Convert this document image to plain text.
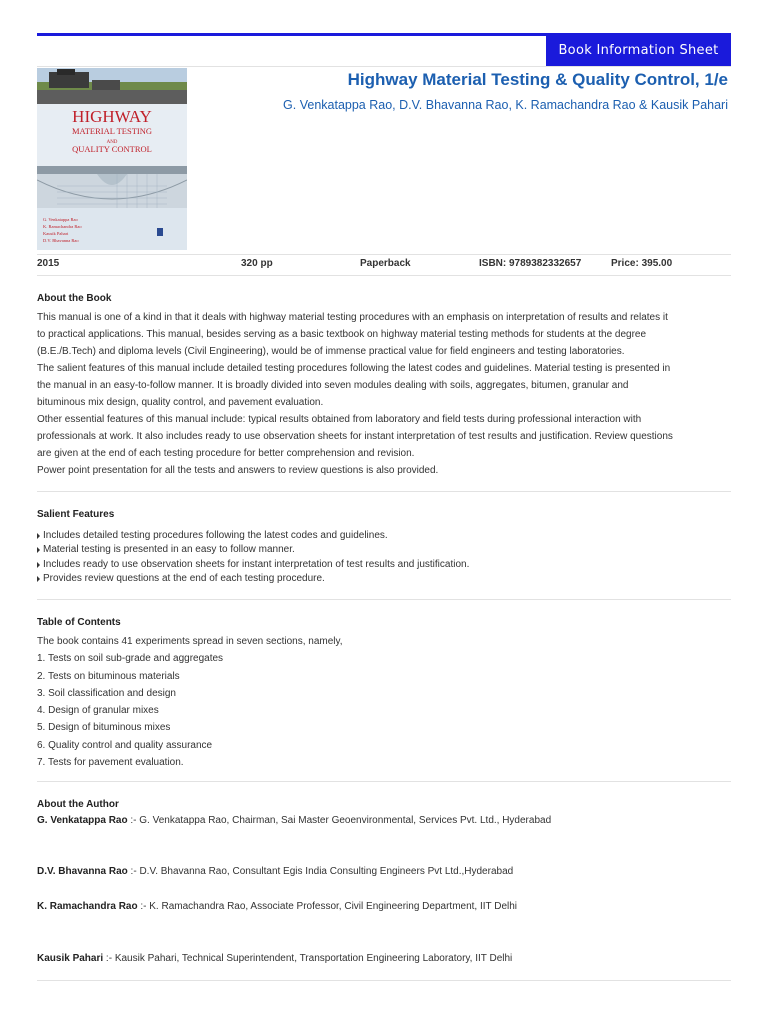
Book Information Sheet
HIGHWAY
MATERIAL TESTING
AND
QUALITY CONTROL
G. Venkatappa Rao
K. Ramachandra Rao
Kausik Pahari
D.V. Bhavanna Rao
Highway Material Testing & Quality Control, 1/e
G. Venkatappa Rao, D.V. Bhavanna Rao, K. Ramachandra Rao & Kausik Pahari
2015	320 pp	Paperback	ISBN: 9789382332657	Price: 395.00
About the Book

This manual is one of a kind in that it deals with highway material testing procedures with an emphasis on interpretation of results and relates it

to practical applications. This manual, besides serving as a basic textbook on highway material testing methods for students at the degree

(B.E./B.Tech) and diploma levels (Civil Engineering), would be of immense practical value for field engineers and testing laboratories.

The salient features of this manual include detailed testing procedures following the latest codes and guidelines. Material testing is presented in

the manual in an easy-to-follow manner. It is broadly divided into seven modules dealing with soils, aggregates, bitumen, granular and

bituminous mix design, quality control, and pavement evaluation.

Other essential features of this manual include: typical results obtained from laboratory and field tests during professional interaction with

professionals at work. It also includes ready to use observation sheets for instant interpretation of test results and justification. Review questions

are given at the end of each testing procedure for better comprehension and revision.

Power point presentation for all the tests and answers to review questions is also provided.

Salient Features
Includes detailed testing procedures following the latest codes and guidelines.
Material testing is presented in an easy to follow manner.
Includes ready to use observation sheets for instant interpretation of test results and justification.
Provides review questions at the end of each testing procedure.
Table of Contents

The book contains 41 experiments spread in seven sections, namely,

1. Tests on soil sub-grade and aggregates

2. Tests on bituminous materials

3. Soil classification and design

4. Design of granular mixes

5. Design of bituminous mixes

6. Quality control and quality assurance

7. Tests for pavement evaluation.

About the Author
G. Venkatappa Rao :- G. Venkatappa Rao, Chairman, Sai Master Geoenvironmental, Services Pvt. Ltd., Hyderabad
D.V. Bhavanna Rao :- D.V. Bhavanna Rao, Consultant Egis India Consulting Engineers Pvt Ltd.,Hyderabad
K. Ramachandra Rao :- K. Ramachandra Rao, Associate Professor, Civil Engineering Department, IIT Delhi
Kausik Pahari :- Kausik Pahari, Technical Superintendent, Transportation Engineering Laboratory, IIT Delhi
